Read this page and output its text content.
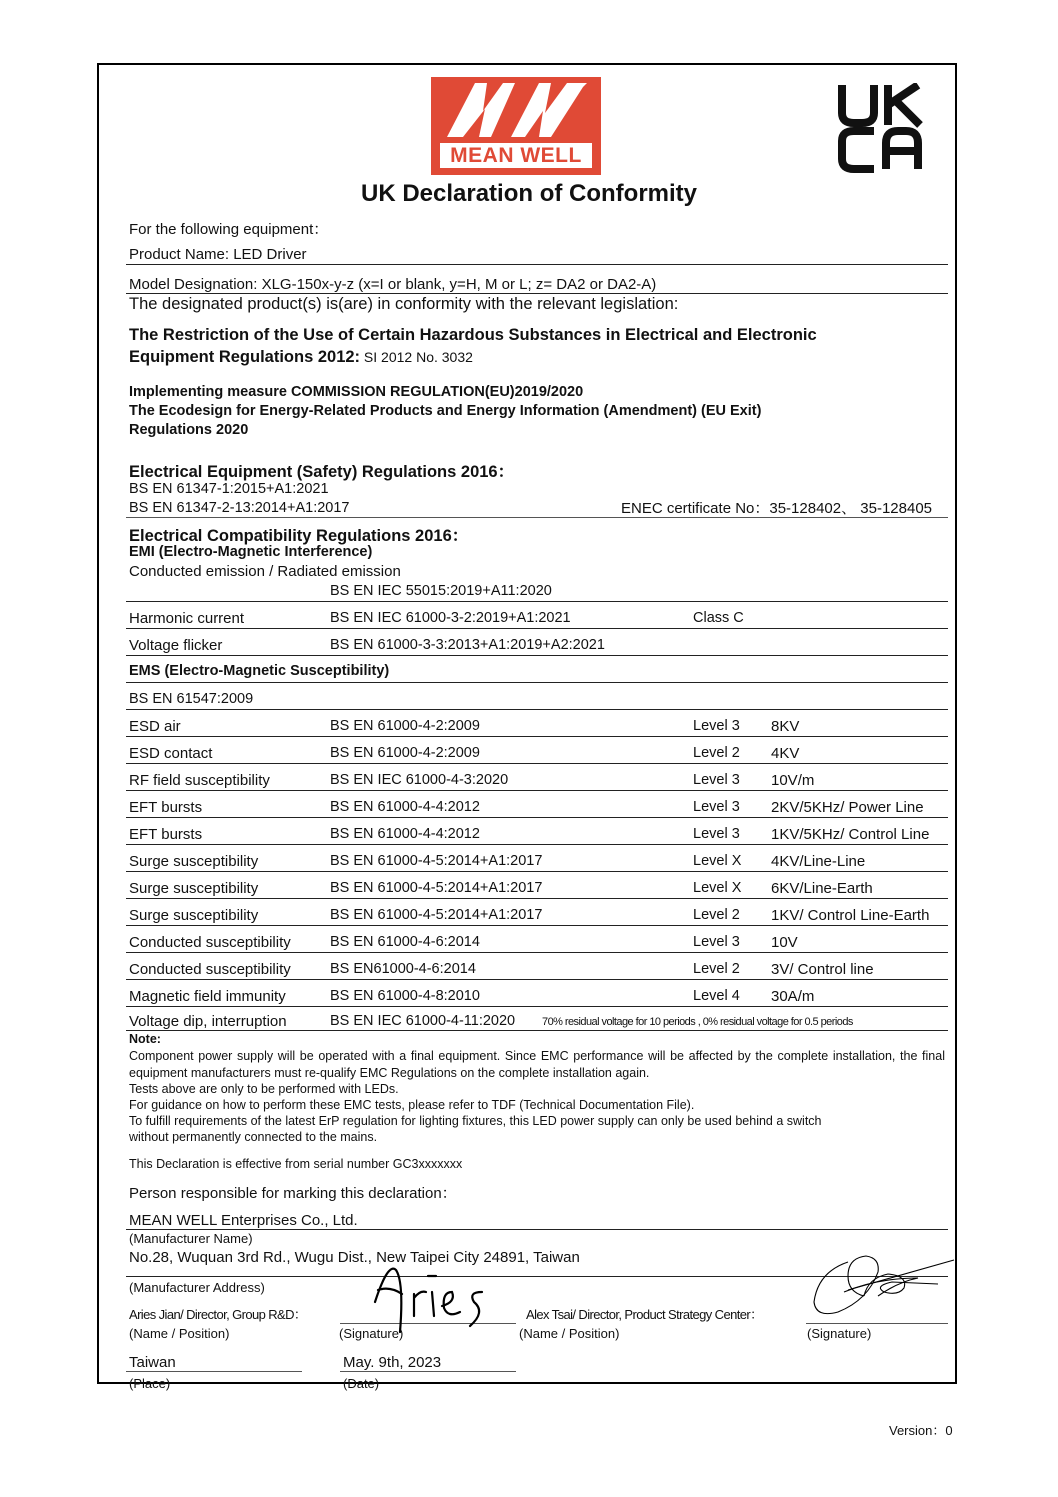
MEAN WELL
UK Declaration of Conformity
For the following equipment：
Product Name: LED Driver
Model Designation: XLG-150x-y-z (x=I or blank, y=H, M or L; z= DA2 or DA2-A)
The designated product(s) is(are) in conformity with the relevant legislation:
The Restriction of the Use of Certain Hazardous Substances in Electrical and Electronic
Equipment Regulations 2012: SI 2012 No. 3032
Implementing measure COMMISSION REGULATION(EU)2019/2020
The Ecodesign for Energy-Related Products and Energy Information (Amendment) (EU Exit)
Regulations 2020
Electrical Equipment (Safety) Regulations 2016：
BS EN 61347-1:2015+A1:2021
BS EN 61347-2-13:2014+A1:2017	ENEC certificate No：35-128402、 35-128405
Electrical Compatibility Regulations 2016：
EMI (Electro-Magnetic Interference)
Conducted emission / Radiated emission
BS EN IEC 55015:2019+A11:2020
Harmonic current	BS EN IEC 61000-3-2:2019+A1:2021	Class C
Voltage flicker	BS EN 61000-3-3:2013+A1:2019+A2:2021
EMS (Electro-Magnetic Susceptibility)
BS EN 61547:2009
ESD air	BS EN 61000-4-2:2009	Level 3 8KV
ESD contact	BS EN 61000-4-2:2009	Level 2 4KV
RF field susceptibility	BS EN IEC 61000-4-3:2020	Level 3 10V/m
EFT bursts	BS EN 61000-4-4:2012	Level 3 2KV/5KHz/ Power Line
EFT bursts	BS EN 61000-4-4:2012	Level 3 1KV/5KHz/ Control Line
Surge susceptibility	BS EN 61000-4-5:2014+A1:2017	Level X 4KV/Line-Line
Surge susceptibility	BS EN 61000-4-5:2014+A1:2017	Level X 6KV/Line-Earth
Surge susceptibility	BS EN 61000-4-5:2014+A1:2017	Level 2 1KV/ Control Line-Earth
Conducted susceptibility	BS EN 61000-4-6:2014	Level 3 10V
Conducted susceptibility	BS EN61000-4-6:2014	Level 2 3V/ Control line
Magnetic field immunity	BS EN 61000-4-8:2010	Level 4 30A/m
Voltage dip, interruption	BS EN IEC 61000-4-11:2020 70% residual voltage for 10 periods , 0% residual voltage for 0.5 periods
Note:
Component power supply will be operated with a final equipment. Since EMC performance will be affected by the complete installation, the final equipment manufacturers must re-qualify EMC Regulations on the complete installation again.
Tests above are only to be performed with LEDs.
For guidance on how to perform these EMC tests, please refer to TDF (Technical Documentation File).
To fulfill requirements of the latest ErP regulation for lighting fixtures, this LED power supply can only be used behind a switch
without permanently connected to the mains.
This Declaration is effective from serial number GC3xxxxxxx
Person responsible for marking this declaration：
MEAN WELL Enterprises Co., Ltd.
(Manufacturer Name)
No.28, Wuquan 3rd Rd., Wugu Dist., New Taipei City 24891, Taiwan
(Manufacturer Address)
Aries Jian/ Director, Group R&D：	Alex Tsai/ Director, Product Strategy Center：
(Name / Position)	(Signature)	(Name / Position)	(Signature)
Taiwan	May. 9th, 2023
(Place)	(Date)
Version：0
